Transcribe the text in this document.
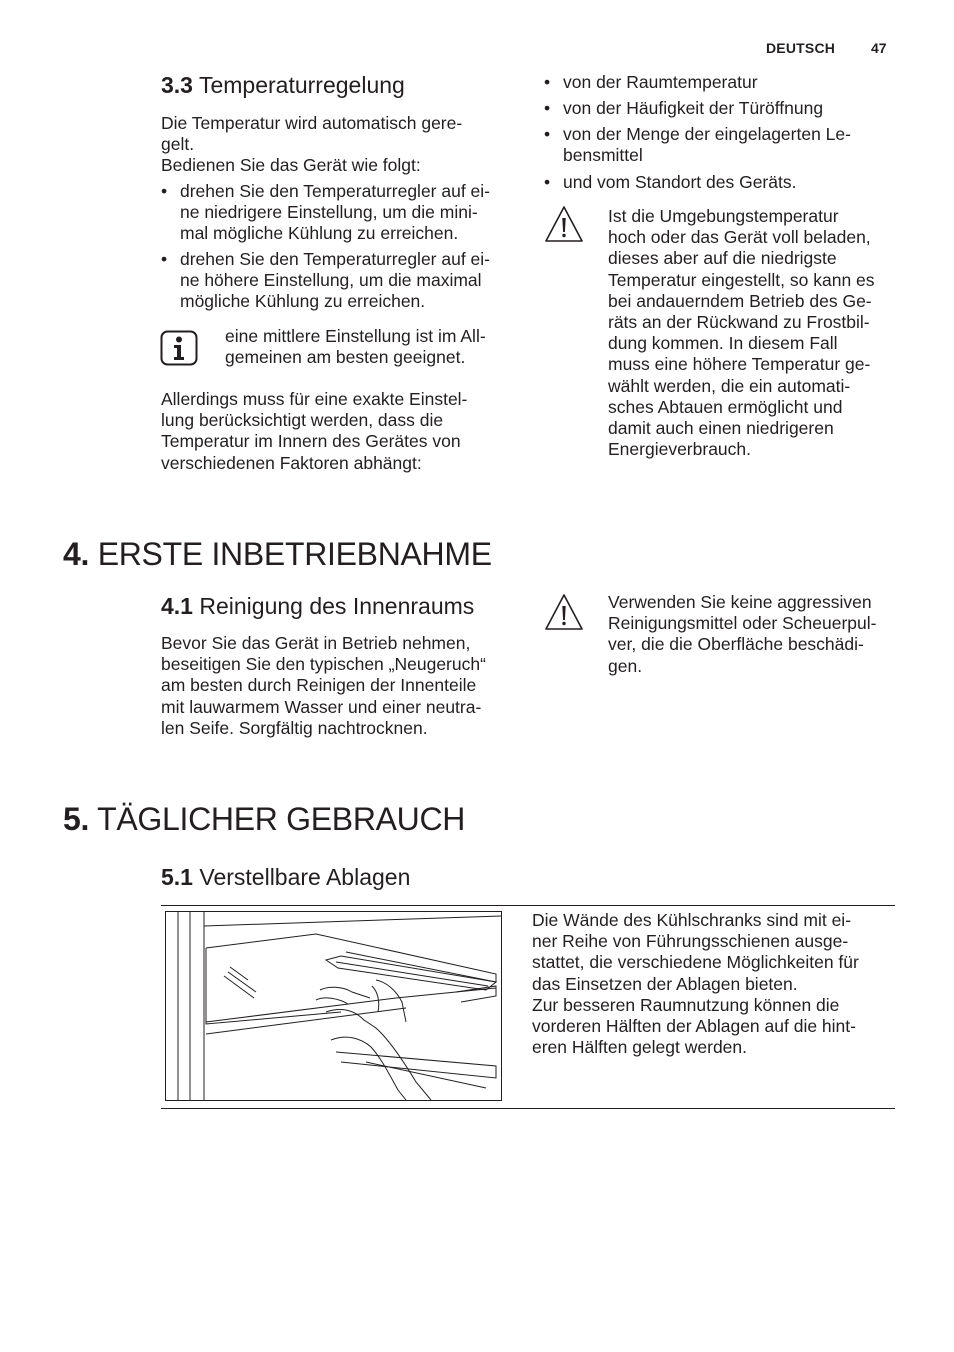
DEUTSCH	47
3.3 Temperaturregelung
Die Temperatur wird automatisch gere-
gelt.
Bedienen Sie das Gerät wie folgt:
• drehen Sie den Temperaturregler auf ei-
ne niedrigere Einstellung, um die mini-
mal mögliche Kühlung zu erreichen.
• drehen Sie den Temperaturregler auf ei-
ne höhere Einstellung, um die maximal
mögliche Kühlung zu erreichen.
eine mittlere Einstellung ist im All-
gemeinen am besten geeignet.
Allerdings muss für eine exakte Einstel-
lung berücksichtigt werden, dass die
Temperatur im Innern des Gerätes von
verschiedenen Faktoren abhängt:
• von der Raumtemperatur
• von der Häufigkeit der Türöffnung
• von der Menge der eingelagerten Le-
bensmittel
• und vom Standort des Geräts.
Ist die Umgebungstemperatur
hoch oder das Gerät voll beladen,
dieses aber auf die niedrigste
Temperatur eingestellt, so kann es
bei andauerndem Betrieb des Ge-
räts an der Rückwand zu Frostbil-
dung kommen. In diesem Fall
muss eine höhere Temperatur ge-
wählt werden, die ein automati-
sches Abtauen ermöglicht und
damit auch einen niedrigeren
Energieverbrauch.
4. ERSTE INBETRIEBNAHME
4.1 Reinigung des Innenraums
Bevor Sie das Gerät in Betrieb nehmen,
beseitigen Sie den typischen „Neugeruch“
am besten durch Reinigen der Innenteile
mit lauwarmem Wasser und einer neutra-
len Seife. Sorgfältig nachtrocknen.
Verwenden Sie keine aggressiven
Reinigungsmittel oder Scheuerpul-
ver, die die Oberfläche beschädi-
gen.
5. TÄGLICHER GEBRAUCH
5.1 Verstellbare Ablagen
Die Wände des Kühlschranks sind mit ei-
ner Reihe von Führungsschienen ausge-
stattet, die verschiedene Möglichkeiten für
das Einsetzen der Ablagen bieten.
Zur besseren Raumnutzung können die
vorderen Hälften der Ablagen auf die hint-
eren Hälften gelegt werden.
